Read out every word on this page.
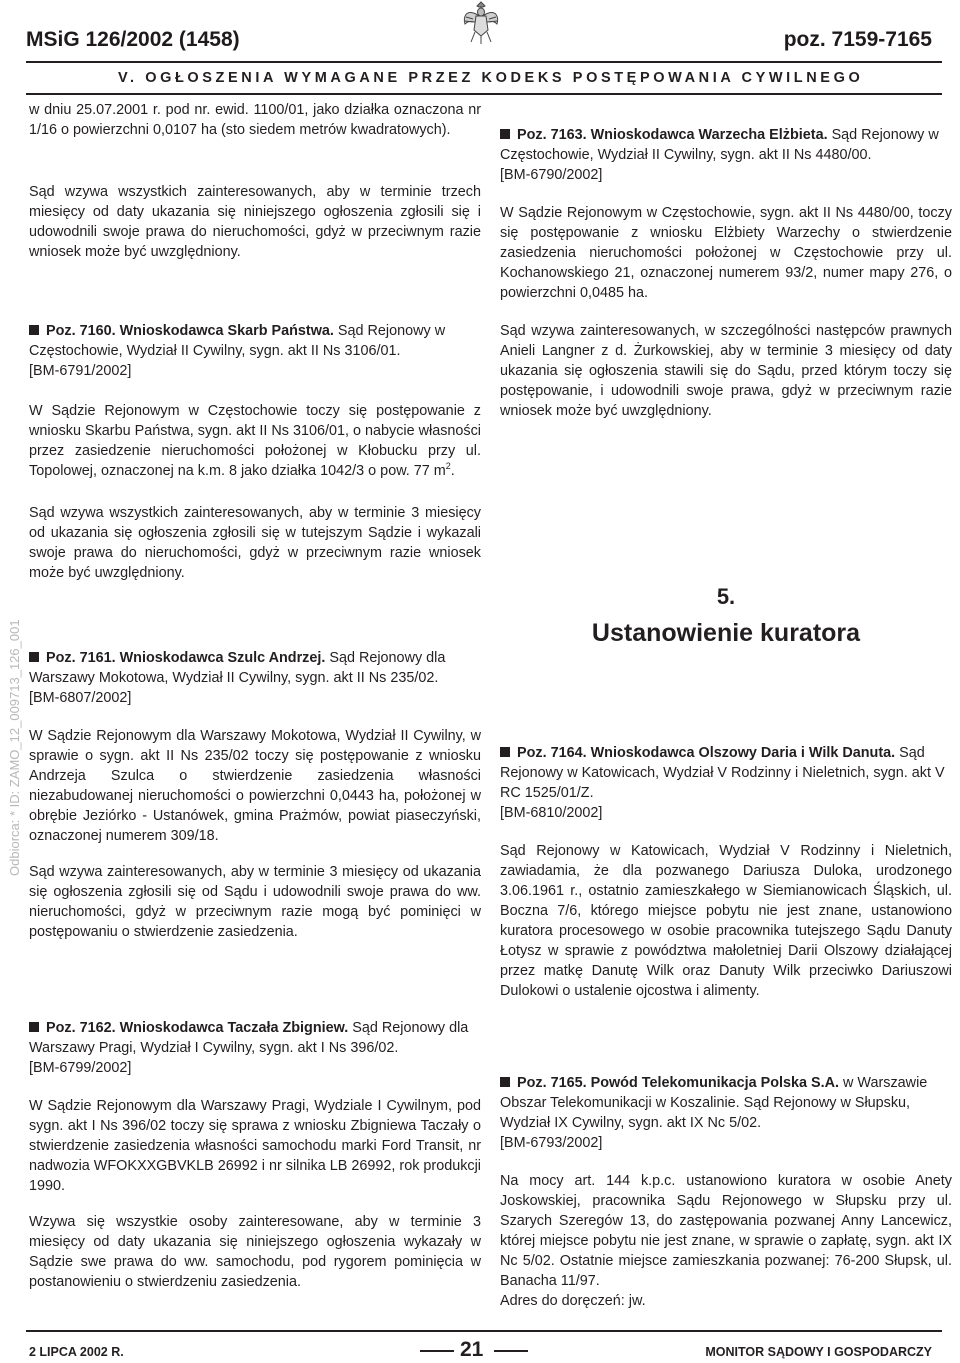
MSiG 126/2002 (1458)	poz. 7159-7165
V. OGŁOSZENIA WYMAGANE PRZEZ KODEKS POSTĘPOWANIA CYWILNEGO
Odbiorca: * ID: ZAMO_12_009713_126_001

w dniu 25.07.2001 r. pod nr. ewid. 1100/01, jako działka oznaczona nr 1/16 o powierzchni 0,0107 ha (sto siedem metrów kwadratowych).

Sąd wzywa wszystkich zainteresowanych, aby w terminie trzech miesięcy od daty ukazania się niniejszego ogłoszenia zgłosili się i udowodnili swoje prawa do nieruchomości, gdyż w przeciwnym razie wniosek może być uwzględniony.

Poz. 7160. Wnioskodawca Skarb Państwa. Sąd Rejonowy w Częstochowie, Wydział II Cywilny, sygn. akt II Ns 3106/01.

[BM-6791/2002]

W Sądzie Rejonowym w Częstochowie toczy się postępowanie z wniosku Skarbu Państwa, sygn. akt II Ns 3106/01, o nabycie własności przez zasiedzenie nieruchomości położonej w Kłobucku przy ul. Topolowej, oznaczonej na k.m. 8 jako działka 1042/3 o pow. 77 $m^2$.

Sąd wzywa wszystkich zainteresowanych, aby w terminie 3 miesięcy od ukazania się ogłoszenia zgłosili się w tutejszym Sądzie i wykazali swoje prawa do nieruchomości, gdyż w przeciwnym razie wniosek może być uwzględniony.

Poz. 7161. Wnioskodawca Szulc Andrzej. Sąd Rejonowy dla Warszawy Mokotowa, Wydział II Cywilny, sygn. akt II Ns 235/02.

[BM-6807/2002]

W Sądzie Rejonowym dla Warszawy Mokotowa, Wydział II Cywilny, w sprawie o sygn. akt II Ns 235/02 toczy się postępowanie z wniosku Andrzeja Szulca o stwierdzenie zasiedzenia własności niezabudowanej nieruchomości o powierzchni 0,0443 ha, położonej w obrębie Jeziórko - Ustanówek, gmina Prażmów, powiat piaseczyński, oznaczonej numerem 309/18.

Sąd wzywa zainteresowanych, aby w terminie 3 miesięcy od ukazania się ogłoszenia zgłosili się od Sądu i udowodnili swoje prawa do ww. nieruchomości, gdyż w przeciwnym razie mogą być pominięci w postępowaniu o stwierdzenie zasiedzenia.

Poz. 7162. Wnioskodawca Taczała Zbigniew. Sąd Rejonowy dla Warszawy Pragi, Wydział I Cywilny, sygn. akt I Ns 396/02.

[BM-6799/2002]

W Sądzie Rejonowym dla Warszawy Pragi, Wydziale I Cywilnym, pod sygn. akt I Ns 396/02 toczy się sprawa z wniosku Zbigniewa Taczały o stwierdzenie zasiedzenia własności samochodu marki Ford Transit, nr nadwozia WFOKXXGBVKLB 26992 i nr silnika LB 26992, rok produkcji 1990.

Wzywa się wszystkie osoby zainteresowane, aby w terminie 3 miesięcy od daty ukazania się niniejszego ogłoszenia wykazały w Sądzie swe prawa do ww. samochodu, pod rygorem pominięcia w postanowieniu o stwierdzeniu zasiedzenia.

Poz. 7163. Wnioskodawca Warzecha Elżbieta. Sąd Rejonowy w Częstochowie, Wydział II Cywilny, sygn. akt II Ns 4480/00.

[BM-6790/2002]

W Sądzie Rejonowym w Częstochowie, sygn. akt II Ns 4480/00, toczy się postępowanie z wniosku Elżbiety Warzechy o stwierdzenie zasiedzenia nieruchomości położonej w Częstochowie przy ul. Kochanowskiego 21, oznaczonej numerem 93/2, numer mapy 276, o powierzchni 0,0485 ha.

Sąd wzywa zainteresowanych, w szczególności następców prawnych Anieli Langner z d. Żurkowskiej, aby w terminie 3 miesięcy od daty ukazania się ogłoszenia stawili się do Sądu, przed którym toczy się postępowanie, i udowodnili swoje prawa, gdyż w przeciwnym razie wniosek może być uwzględniony.

5.
Ustanowienie kuratora

Poz. 7164. Wnioskodawca Olszowy Daria i Wilk Danuta. Sąd Rejonowy w Katowicach, Wydział V Rodzinny i Nieletnich, sygn. akt V RC 1525/01/Z.

[BM-6810/2002]

Sąd Rejonowy w Katowicach, Wydział V Rodzinny i Nieletnich, zawiadamia, że dla pozwanego Dariusza Duloka, urodzonego 3.06.1961 r., ostatnio zamieszkałego w Siemianowicach Śląskich, ul. Boczna 7/6, którego miejsce pobytu nie jest znane, ustanowiono kuratora procesowego w osobie pracownika tutejszego Sądu Danuty Łotysz w sprawie z powództwa małoletniej Darii Olszowy działającej przez matkę Danutę Wilk oraz Danuty Wilk przeciwko Dariuszowi Dulokowi o ustalenie ojcostwa i alimenty.

Poz. 7165. Powód Telekomunikacja Polska S.A. w Warszawie Obszar Telekomunikacji w Koszalinie. Sąd Rejonowy w Słupsku, Wydział IX Cywilny, sygn. akt IX Nc 5/02.

[BM-6793/2002]

Na mocy art. 144 k.p.c. ustanowiono kuratora w osobie Anety Joskowskiej, pracownika Sądu Rejonowego w Słupsku przy ul. Szarych Szeregów 13, do zastępowania pozwanej Anny Lancewicz, której miejsce pobytu nie jest znane, w sprawie o zapłatę, sygn. akt IX Nc 5/02. Ostatnie miejsce zamieszkania pozwanej: 76-200 Słupsk, ul. Banacha 11/97.

Adres do doręczeń: jw.

2 LIPCA 2002 R.	21	MONITOR SĄDOWY I GOSPODARCZY
